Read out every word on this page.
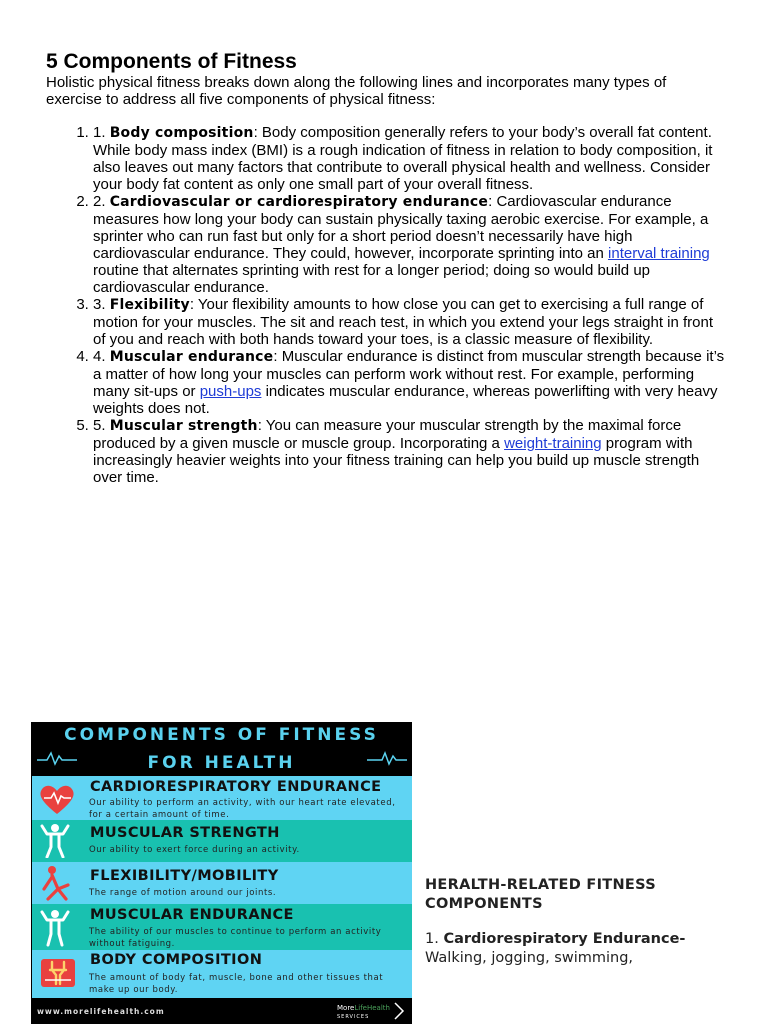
5 Components of Fitness

Holistic physical fitness breaks down along the following lines and incorporates many types of exercise to address all five components of physical fitness:

1. 1. Body composition: Body composition generally refers to your body’s overall fat content. While body mass index (BMI) is a rough indication of fitness in relation to body composition, it also leaves out many factors that contribute to overall physical health and wellness. Consider your body fat content as only one small part of your overall fitness.
2. 2. Cardiovascular or cardiorespiratory endurance: Cardiovascular endurance measures how long your body can sustain physically taxing aerobic exercise. For example, a sprinter who can run fast but only for a short period doesn’t necessarily have high cardiovascular endurance. They could, however, incorporate sprinting into an interval training routine that alternates sprinting with rest for a longer period; doing so would build up cardiovascular endurance.
3. 3. Flexibility: Your flexibility amounts to how close you can get to exercising a full range of motion for your muscles. The sit and reach test, in which you extend your legs straight in front of you and reach with both hands toward your toes, is a classic measure of flexibility.
4. 4. Muscular endurance: Muscular endurance is distinct from muscular strength because it’s a matter of how long your muscles can perform work without rest. For example, performing many sit-ups or push-ups indicates muscular endurance, whereas powerlifting with very heavy weights does not.
5. 5. Muscular strength: You can measure your muscular strength by the maximal force produced by a given muscle or muscle group. Incorporating a weight-training program with increasingly heavier weights into your fitness training can help you build up muscle strength over time.
COMPONENTS OF FITNESS
FOR HEALTH
CARDIORESPIRATORY ENDURANCE
Our ability to perform an activity, with our heart rate elevated, for a certain amount of time.
MUSCULAR STRENGTH
Our ability to exert force during an activity.
FLEXIBILITY/MOBILITY
The range of motion around our joints.
MUSCULAR ENDURANCE
The ability of our muscles to continue to perform an activity without fatiguing.
BODY COMPOSITION
The amount of body fat, muscle, bone and other tissues that make up our body.
www.morelifehealth.com	MoreLifeHealth
SERVICES
HERALTH-RELATED FITNESS COMPONENTS
1. Cardiorespiratory Endurance-
Walking, jogging, swimming,
